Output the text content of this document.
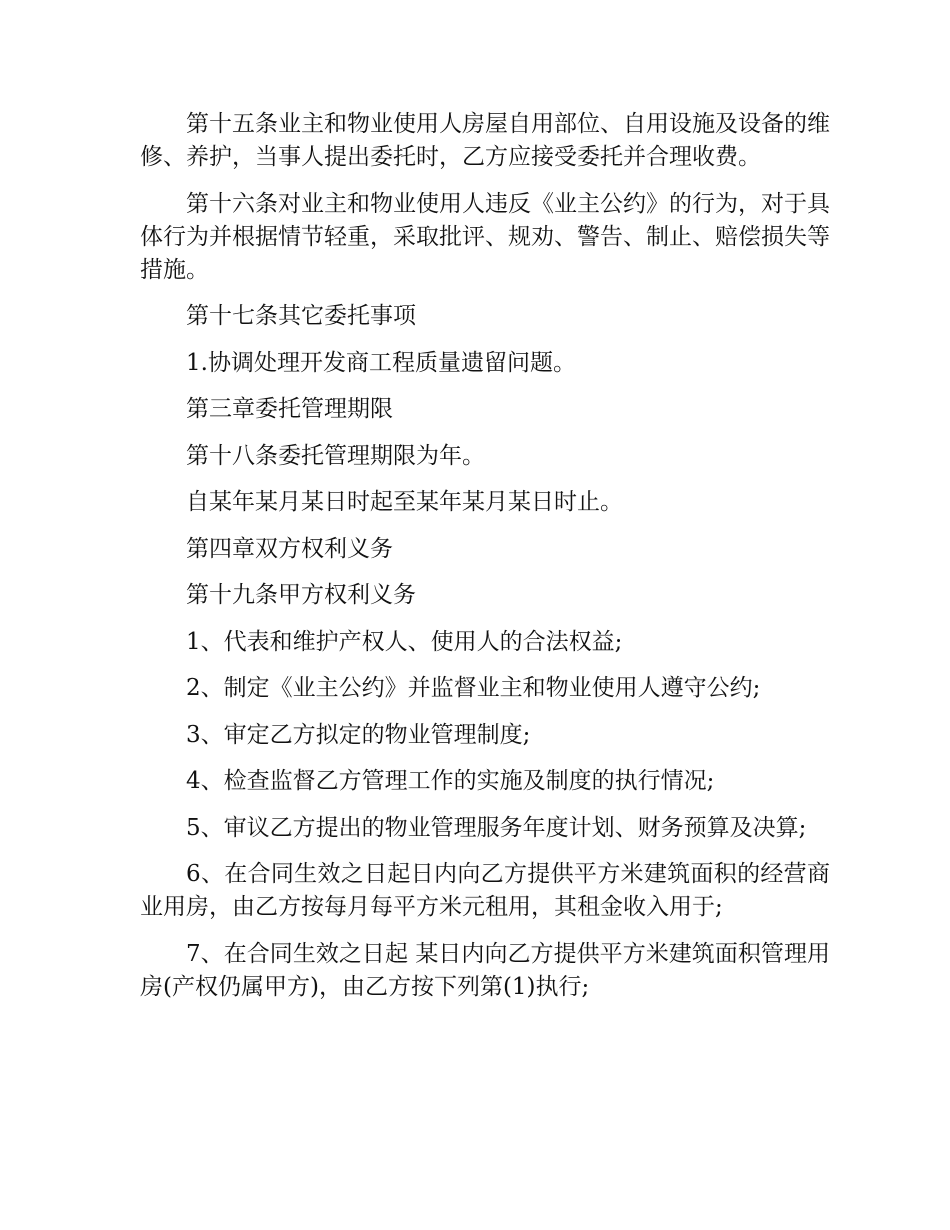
第十五条业主和物业使用人房屋自用部位、自用设施及设备的维修、养护，当事人提出委托时，乙方应接受委托并合理收费。

第十六条对业主和物业使用人违反《业主公约》的行为，对于具体行为并根据情节轻重，采取批评、规劝、警告、制止、赔偿损失等措施。

第十七条其它委托事项

1.协调处理开发商工程质量遗留问题。

第三章委托管理期限

第十八条委托管理期限为年。

自某年某月某日时起至某年某月某日时止。

第四章双方权利义务

第十九条甲方权利义务

1、代表和维护产权人、使用人的合法权益;

2、制定《业主公约》并监督业主和物业使用人遵守公约;

3、审定乙方拟定的物业管理制度;

4、检查监督乙方管理工作的实施及制度的执行情况;

5、审议乙方提出的物业管理服务年度计划、财务预算及决算;

6、在合同生效之日起日内向乙方提供平方米建筑面积的经营商业用房，由乙方按每月每平方米元租用，其租金收入用于;

7、在合同生效之日起 某日内向乙方提供平方米建筑面积管理用房(产权仍属甲方)，由乙方按下列第(1)执行;
